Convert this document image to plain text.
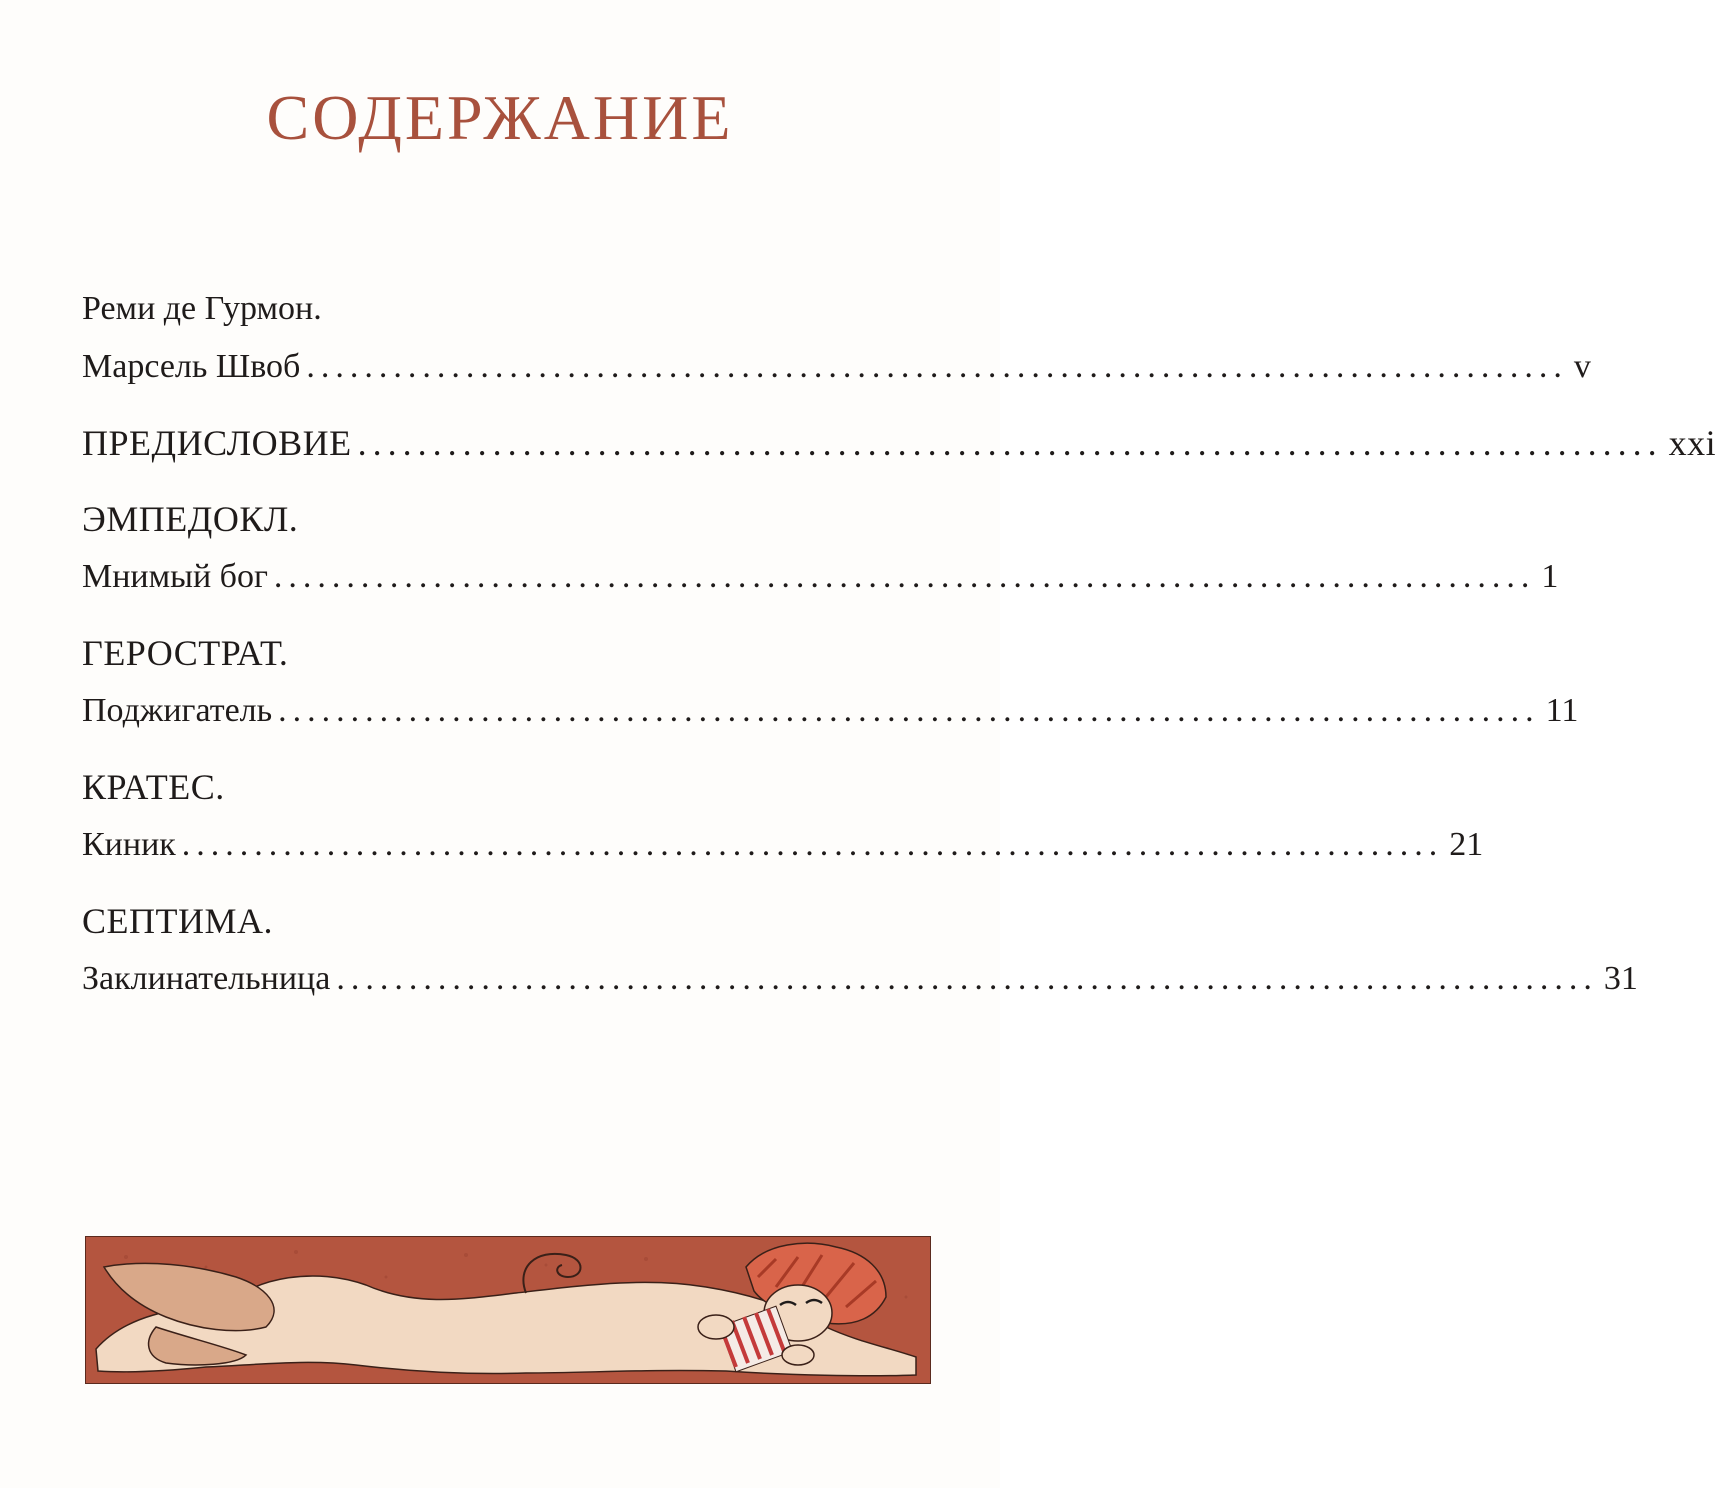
СОДЕРЖАНИЕ
Реми де Гурмон.
Марсель Швоб ....................................................................................... v
ПРЕДИСЛОВИЕ ....................................................................................... xxi
ЭМПЕДОКЛ.
Мнимый бог ....................................................................................... 1
ГЕРОСТРАТ.
Поджигатель ....................................................................................... 11
КРАТЕС.
Киник ....................................................................................... 21
СЕПТИМА.
Заклинательница ....................................................................................... 31
